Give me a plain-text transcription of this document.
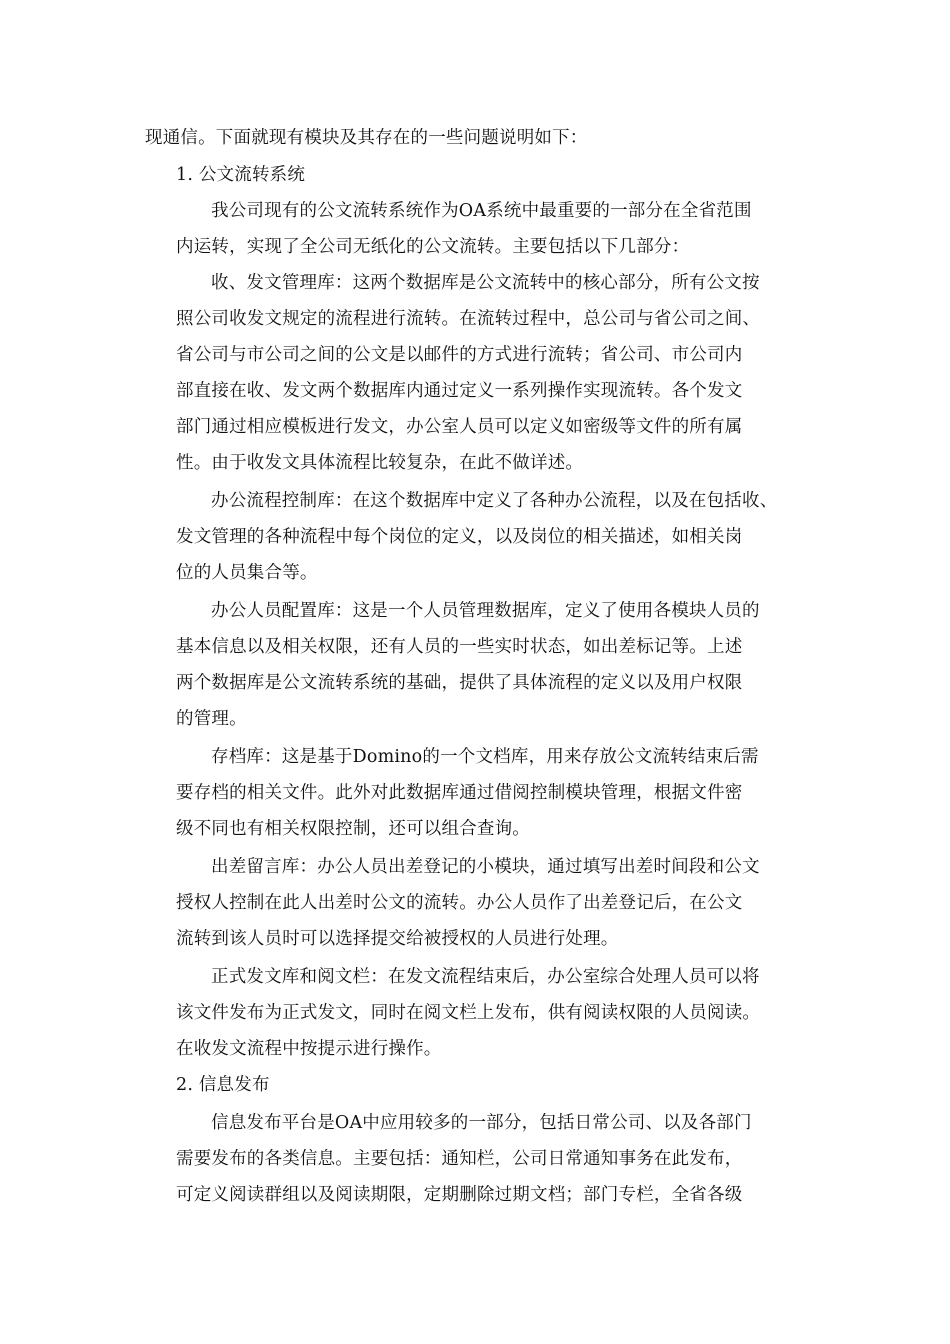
现通信。下面就现有模块及其存在的一些问题说明如下：
1. 公文流转系统
我公司现有的公文流转系统作为OA系统中最重要的一部分在全省范围
内运转，实现了全公司无纸化的公文流转。主要包括以下几部分：
收、发文管理库：这两个数据库是公文流转中的核心部分，所有公文按
照公司收发文规定的流程进行流转。在流转过程中，总公司与省公司之间、
省公司与市公司之间的公文是以邮件的方式进行流转；省公司、市公司内
部直接在收、发文两个数据库内通过定义一系列操作实现流转。各个发文
部门通过相应模板进行发文，办公室人员可以定义如密级等文件的所有属
性。由于收发文具体流程比较复杂，在此不做详述。
办公流程控制库：在这个数据库中定义了各种办公流程，以及在包括收、
发文管理的各种流程中每个岗位的定义，以及岗位的相关描述，如相关岗
位的人员集合等。
办公人员配置库：这是一个人员管理数据库，定义了使用各模块人员的
基本信息以及相关权限，还有人员的一些实时状态，如出差标记等。上述
两个数据库是公文流转系统的基础，提供了具体流程的定义以及用户权限
的管理。
存档库：这是基于Domino的一个文档库，用来存放公文流转结束后需
要存档的相关文件。此外对此数据库通过借阅控制模块管理，根据文件密
级不同也有相关权限控制，还可以组合查询。
出差留言库：办公人员出差登记的小模块，通过填写出差时间段和公文
授权人控制在此人出差时公文的流转。办公人员作了出差登记后，在公文
流转到该人员时可以选择提交给被授权的人员进行处理。
正式发文库和阅文栏：在发文流程结束后，办公室综合处理人员可以将
该文件发布为正式发文，同时在阅文栏上发布，供有阅读权限的人员阅读。
在收发文流程中按提示进行操作。
2. 信息发布
信息发布平台是OA中应用较多的一部分，包括日常公司、以及各部门
需要发布的各类信息。主要包括：通知栏，公司日常通知事务在此发布，
可定义阅读群组以及阅读期限，定期删除过期文档；部门专栏，全省各级
